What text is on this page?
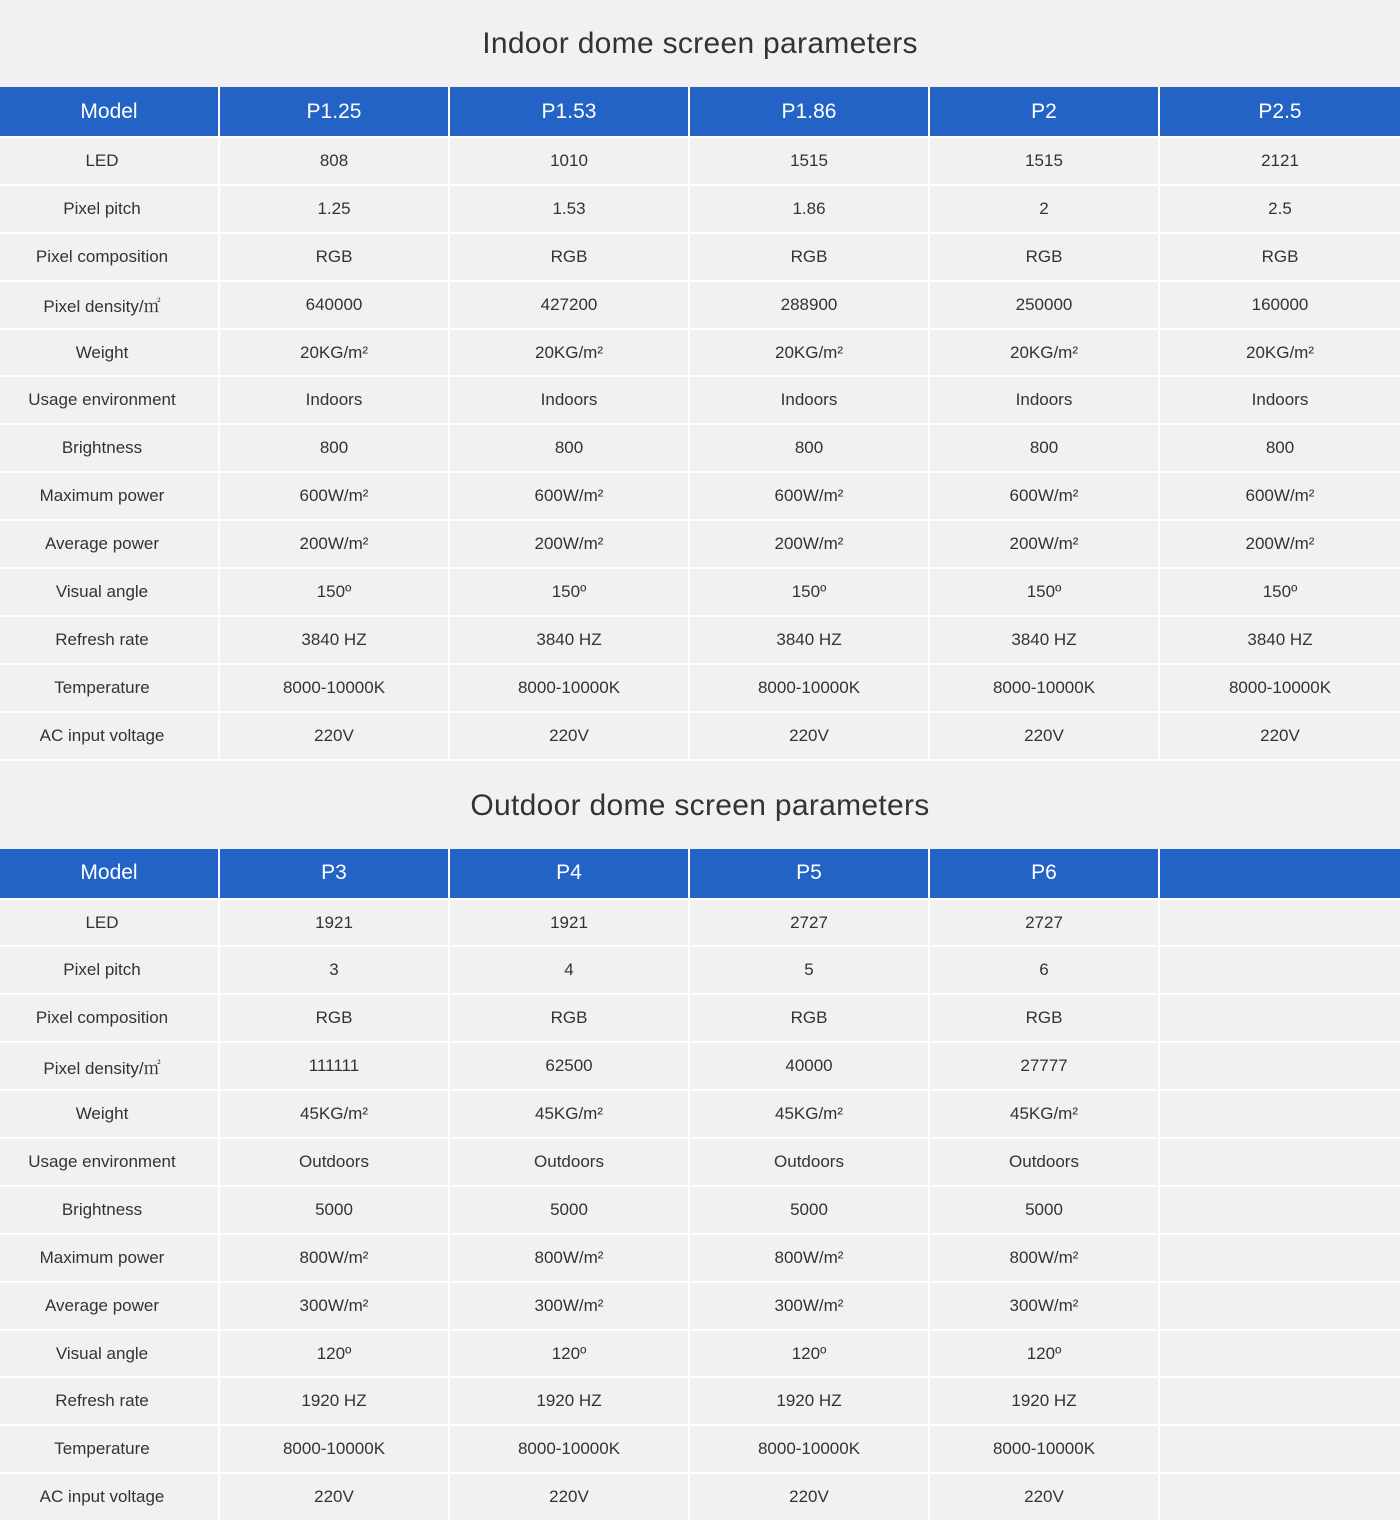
Indoor dome screen parameters
Model	P1.25	P1.53	P1.86	P2	P2.5
LED	808	1010	1515	1515	2121
Pixel pitch	1.25	1.53	1.86	2	2.5
Pixel composition	RGB	RGB	RGB	RGB	RGB
Pixel density/㎡	640000	427200	288900	250000	160000
Weight	20KG/m²	20KG/m²	20KG/m²	20KG/m²	20KG/m²
Usage environment	Indoors	Indoors	Indoors	Indoors	Indoors
Brightness	800	800	800	800	800
Maximum power	600W/m²	600W/m²	600W/m²	600W/m²	600W/m²
Average power	200W/m²	200W/m²	200W/m²	200W/m²	200W/m²
Visual angle	150º	150º	150º	150º	150º
Refresh rate	3840 HZ	3840 HZ	3840 HZ	3840 HZ	3840 HZ
Temperature	8000-10000K	8000-10000K	8000-10000K	8000-10000K	8000-10000K
AC input voltage	220V	220V	220V	220V	220V
Outdoor dome screen parameters
Model	P3	P4	P5	P6	
LED	1921	1921	2727	2727	
Pixel pitch	3	4	5	6	
Pixel composition	RGB	RGB	RGB	RGB	
Pixel density/㎡	111111	62500	40000	27777	
Weight	45KG/m²	45KG/m²	45KG/m²	45KG/m²	
Usage environment	Outdoors	Outdoors	Outdoors	Outdoors	
Brightness	5000	5000	5000	5000	
Maximum power	800W/m²	800W/m²	800W/m²	800W/m²	
Average power	300W/m²	300W/m²	300W/m²	300W/m²	
Visual angle	120º	120º	120º	120º	
Refresh rate	1920 HZ	1920 HZ	1920 HZ	1920 HZ	
Temperature	8000-10000K	8000-10000K	8000-10000K	8000-10000K	
AC input voltage	220V	220V	220V	220V	
